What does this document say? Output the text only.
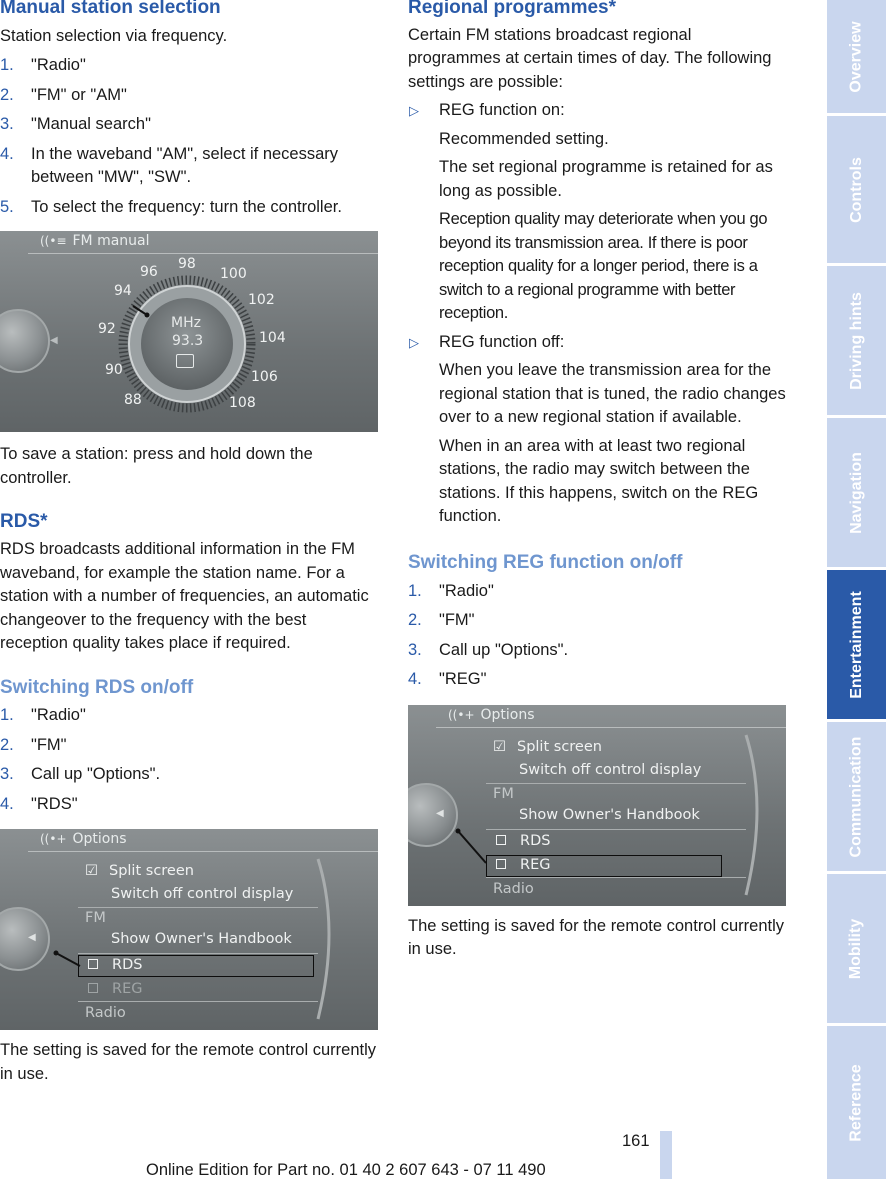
Manual station selection

Station selection via frequency.

1. "Radio"
2. "FM" or "AM"
3. "Manual search"
4. In the waveband "AM", select if necessary between "MW", "SW".
5. To select the frequency: turn the controller.
((•≡ FM manual
◀
88
90
92
94
96 98
100
102
104
106
108
MHz
93.3

To save a station: press and hold down the controller.

RDS*

RDS broadcasts additional information in the FM waveband, for example the station name. For a station with a number of frequencies, an automatic changeover to the frequency with the best reception quality takes place if required.

Switching RDS on/off
1. "Radio"
2. "FM"
3. Call up "Options".
4. "RDS"
((•+ Options
◀
☑ Split screen
Switch off control display
FM
Show Owner's Handbook
RDS
REG
Radio

The setting is saved for the remote control currently in use.

Regional programmes*

Certain FM stations broadcast regional programmes at certain times of day. The following settings are possible:

▷ REG function on:

Recommended setting.

The set regional programme is retained for as long as possible.

Reception quality may deteriorate when you go beyond its transmission area. If there is poor reception quality for a longer period, there is a switch to a regional programme with better reception.

▷ REG function off:

When you leave the transmission area for the regional station that is tuned, the radio changes over to a new regional station if available.

When in an area with at least two regional stations, the radio may switch between the stations. If this happens, switch on the REG function.

Switching REG function on/off
1. "Radio"
2. "FM"
3. Call up "Options".
4. "REG"
((•+ Options
◀
☑ Split screen
Switch off control display
FM
Show Owner's Handbook
RDS
REG
Radio

The setting is saved for the remote control currently in use.

Overview
Controls
Driving hints
Navigation
Entertainment
Communication
Mobility
Reference
161
Online Edition for Part no. 01 40 2 607 643 - 07 11 490
